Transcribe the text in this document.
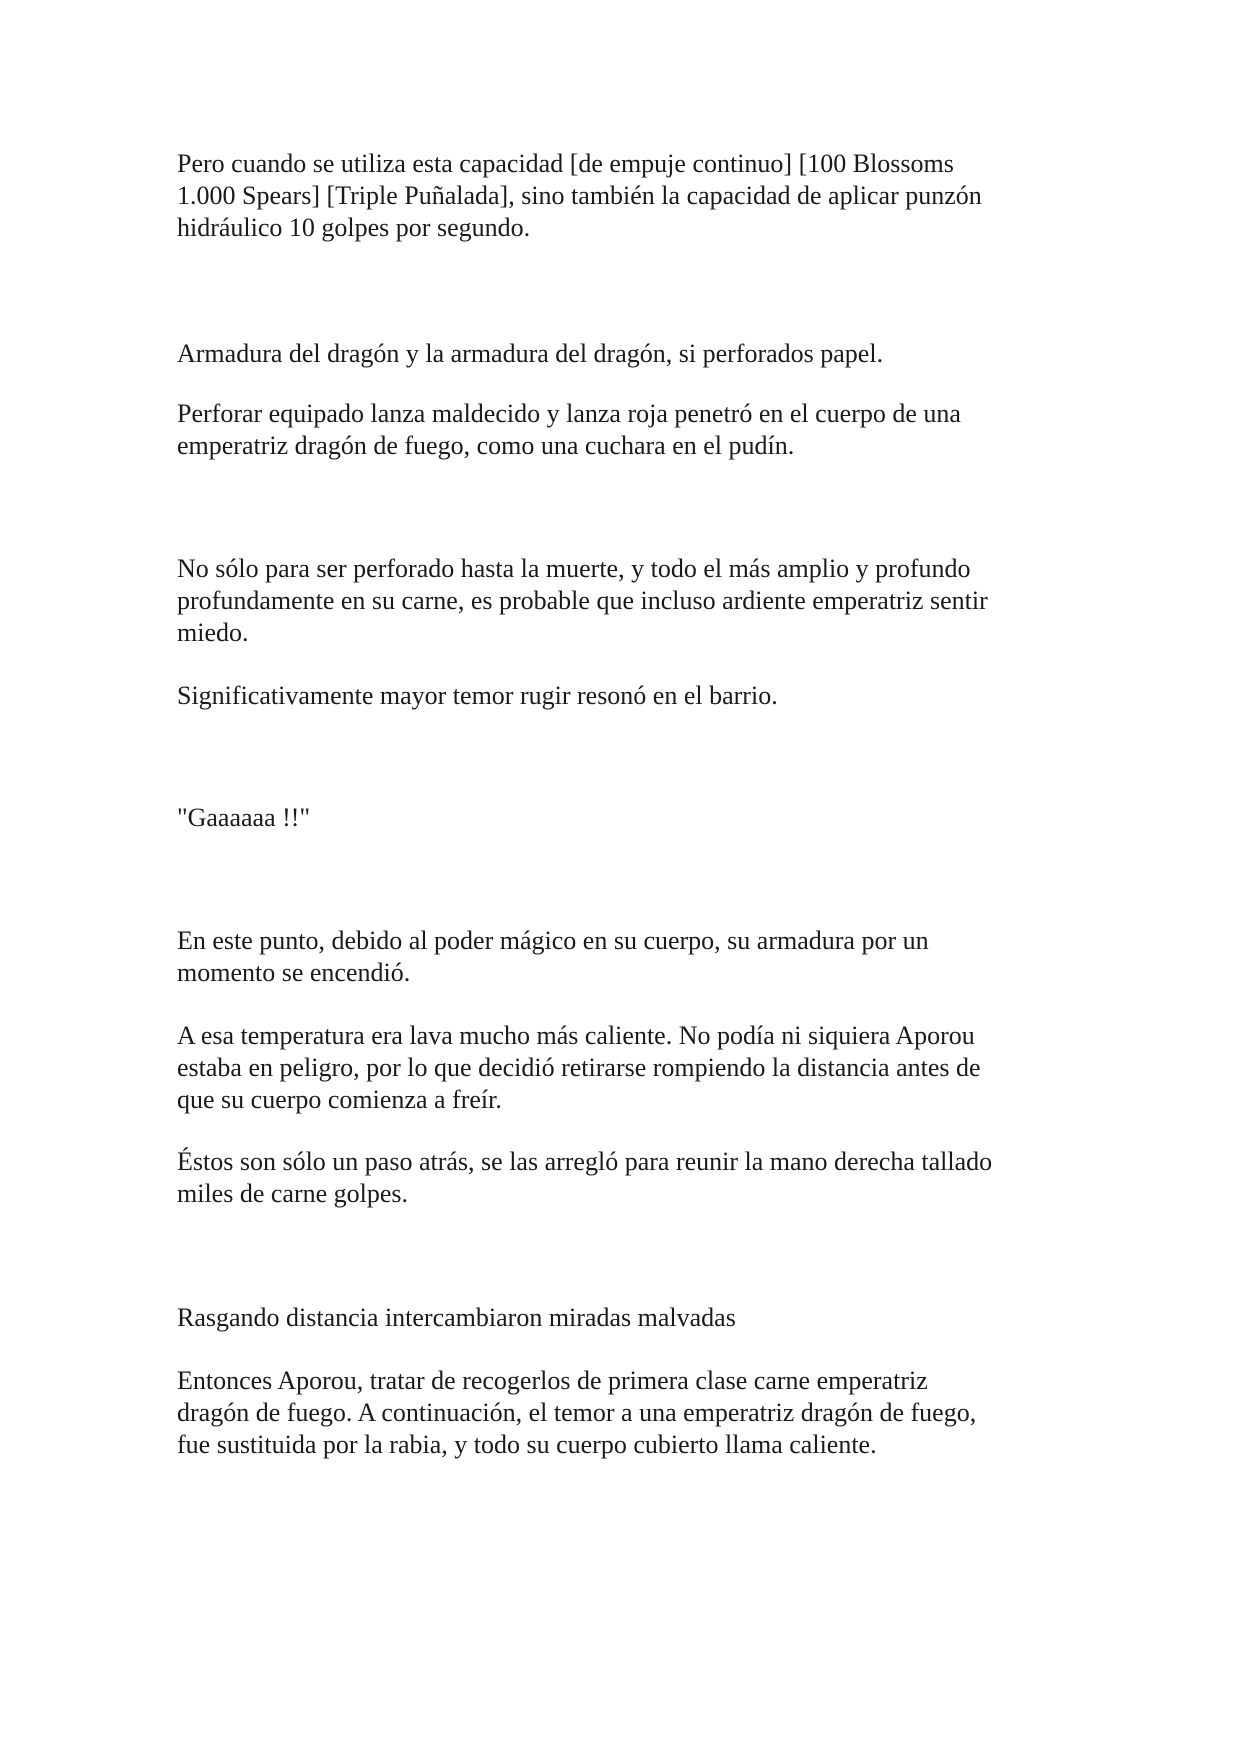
Pero cuando se utiliza esta capacidad [de empuje continuo] [100 Blossoms
1.000 Spears] [Triple Puñalada], sino también la capacidad de aplicar punzón
hidráulico 10 golpes por segundo.

Armadura del dragón y la armadura del dragón, si perforados papel.

Perforar equipado lanza maldecido y lanza roja penetró en el cuerpo de una
emperatriz dragón de fuego, como una cuchara en el pudín.

No sólo para ser perforado hasta la muerte, y todo el más amplio y profundo
profundamente en su carne, es probable que incluso ardiente emperatriz sentir
miedo.

Significativamente mayor temor rugir resonó en el barrio.

"Gaaaaaa !!"

En este punto, debido al poder mágico en su cuerpo, su armadura por un
momento se encendió.

A esa temperatura era lava mucho más caliente. No podía ni siquiera Aporou
estaba en peligro, por lo que decidió retirarse rompiendo la distancia antes de
que su cuerpo comienza a freír.

Éstos son sólo un paso atrás, se las arregló para reunir la mano derecha tallado
miles de carne golpes.

Rasgando distancia intercambiaron miradas malvadas

Entonces Aporou, tratar de recogerlos de primera clase carne emperatriz
dragón de fuego. A continuación, el temor a una emperatriz dragón de fuego,
fue sustituida por la rabia, y todo su cuerpo cubierto llama caliente.
